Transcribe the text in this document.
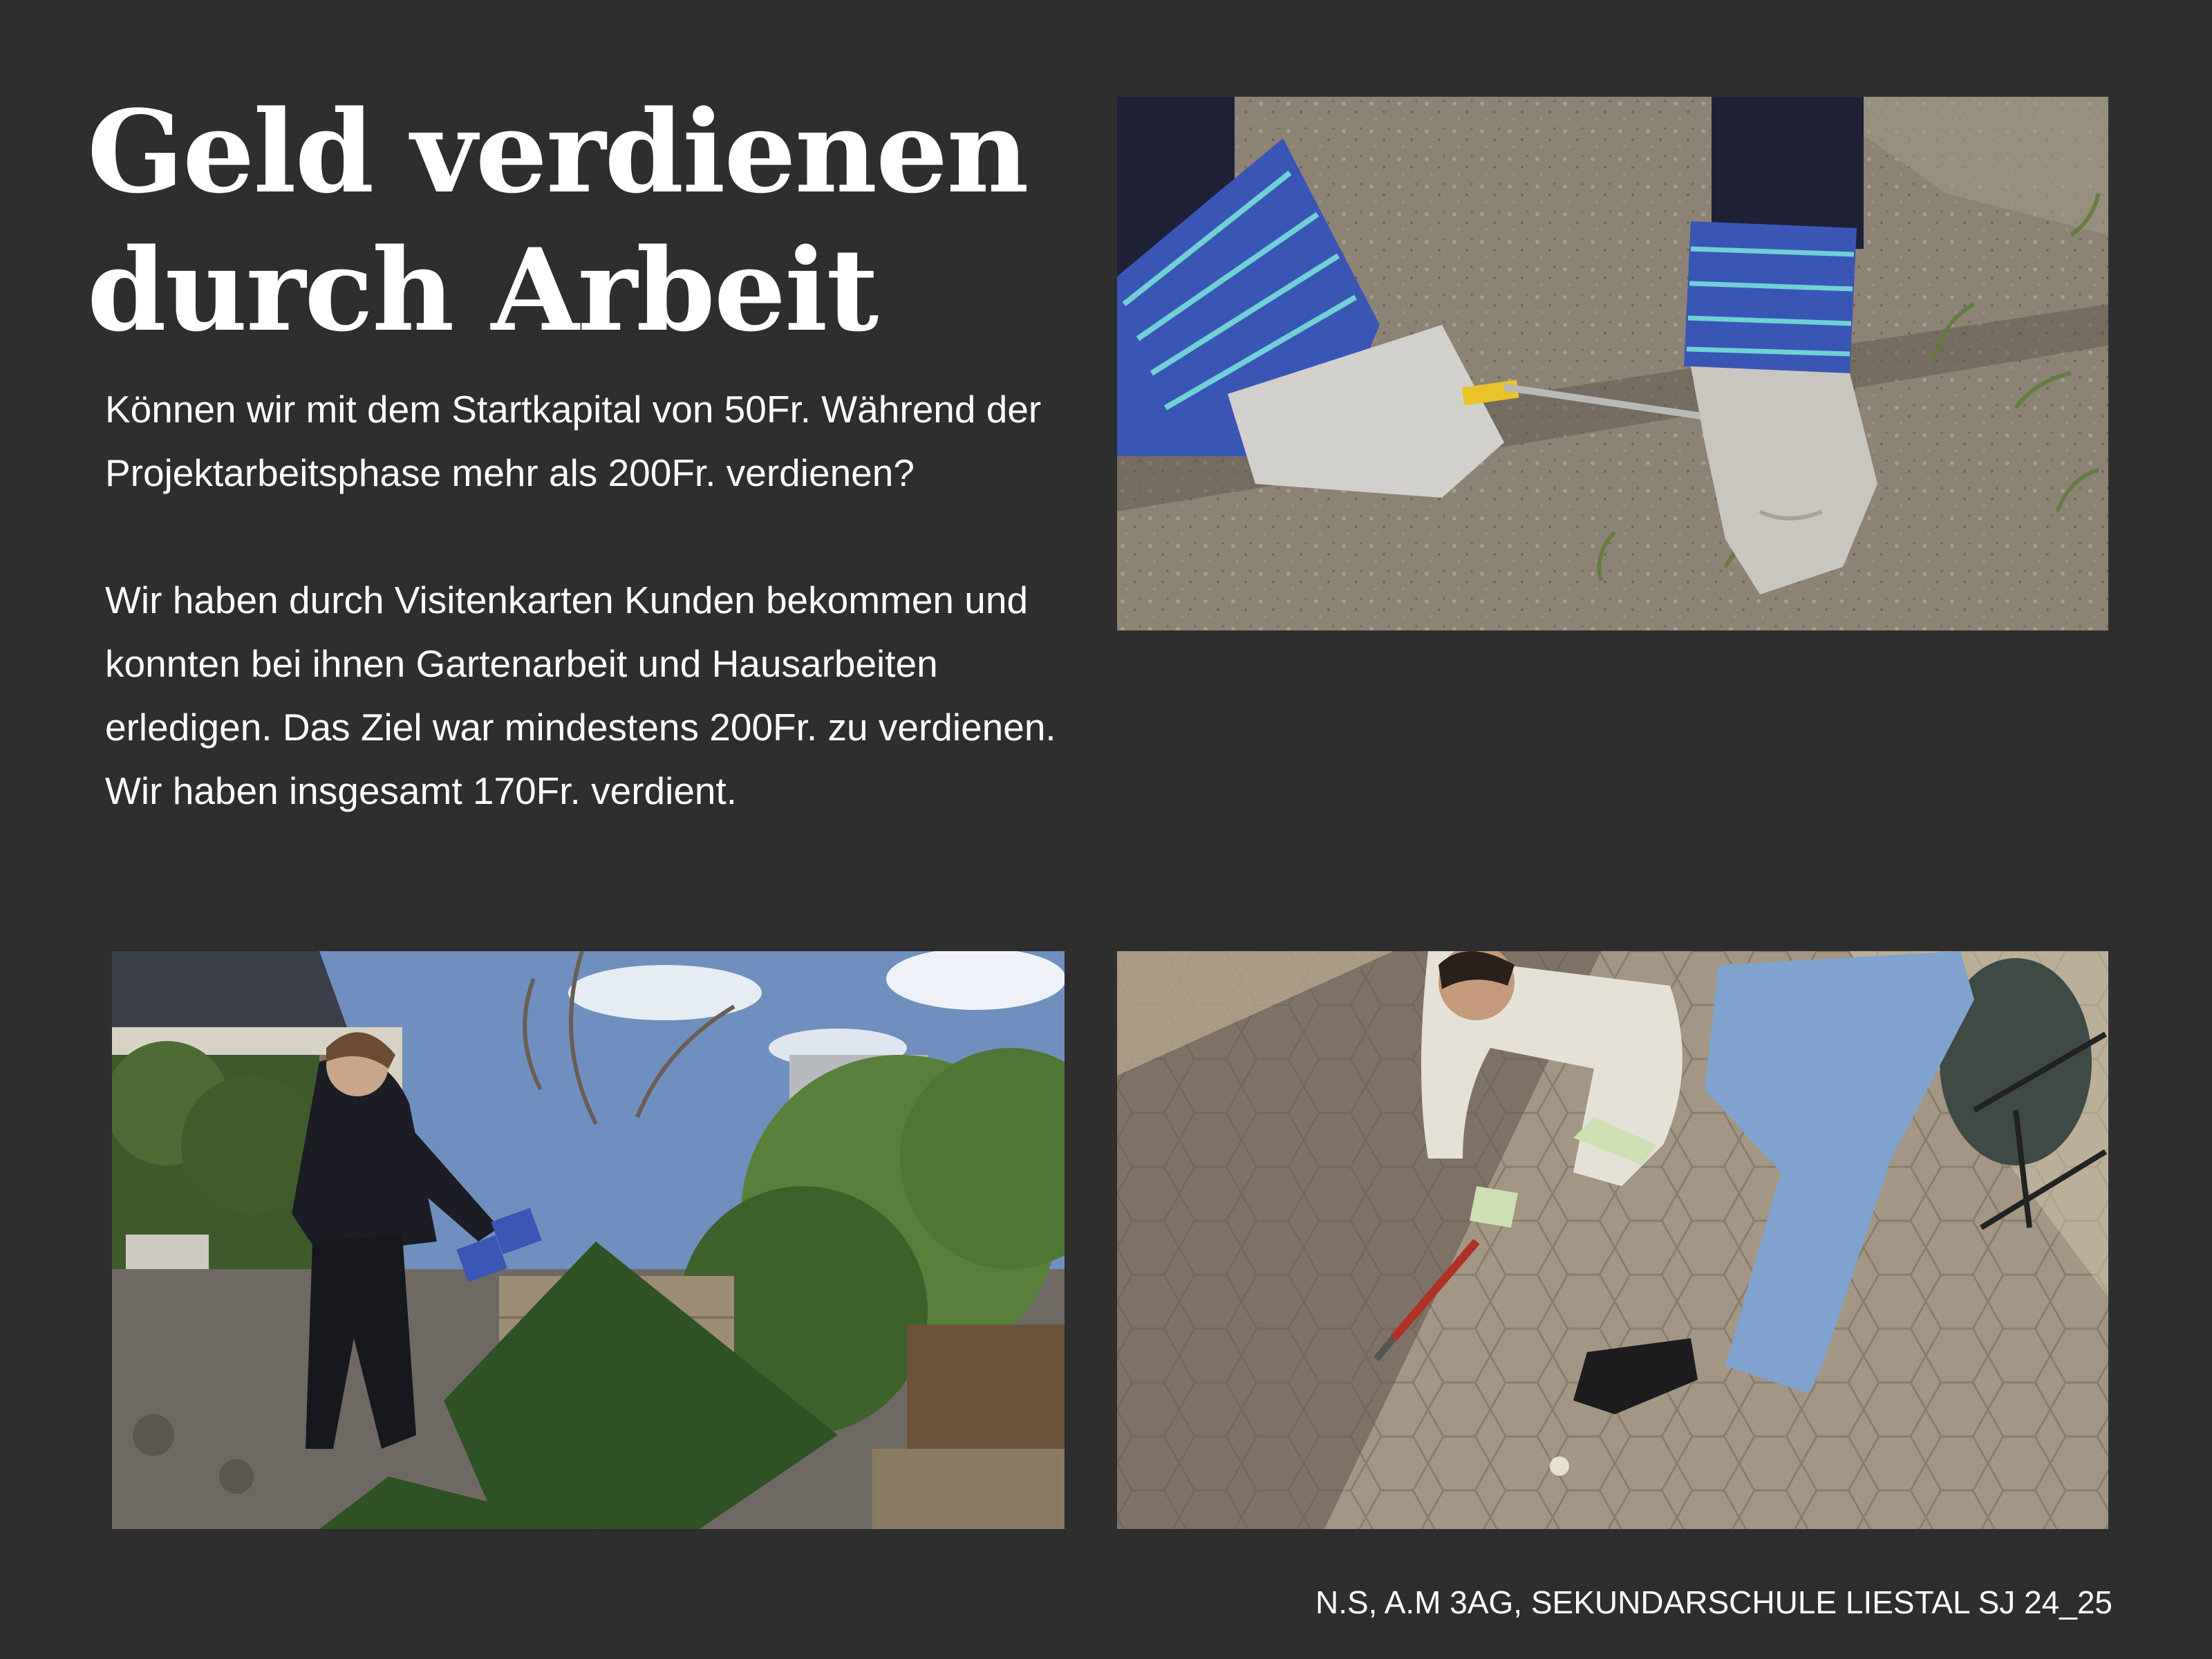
Geld verdienen
durch Arbeit

Können wir mit dem Startkapital von 50Fr. Während der Projektarbeitsphase mehr als 200Fr. verdienen?

Wir haben durch Visitenkarten Kunden bekommen und konnten bei ihnen Gartenarbeit und Hausarbeiten erledigen. Das Ziel war mindestens 200Fr. zu verdienen. Wir haben insgesamt 170Fr. verdient.

N.S, A.M 3AG, SEKUNDARSCHULE LIESTAL SJ 24_25
